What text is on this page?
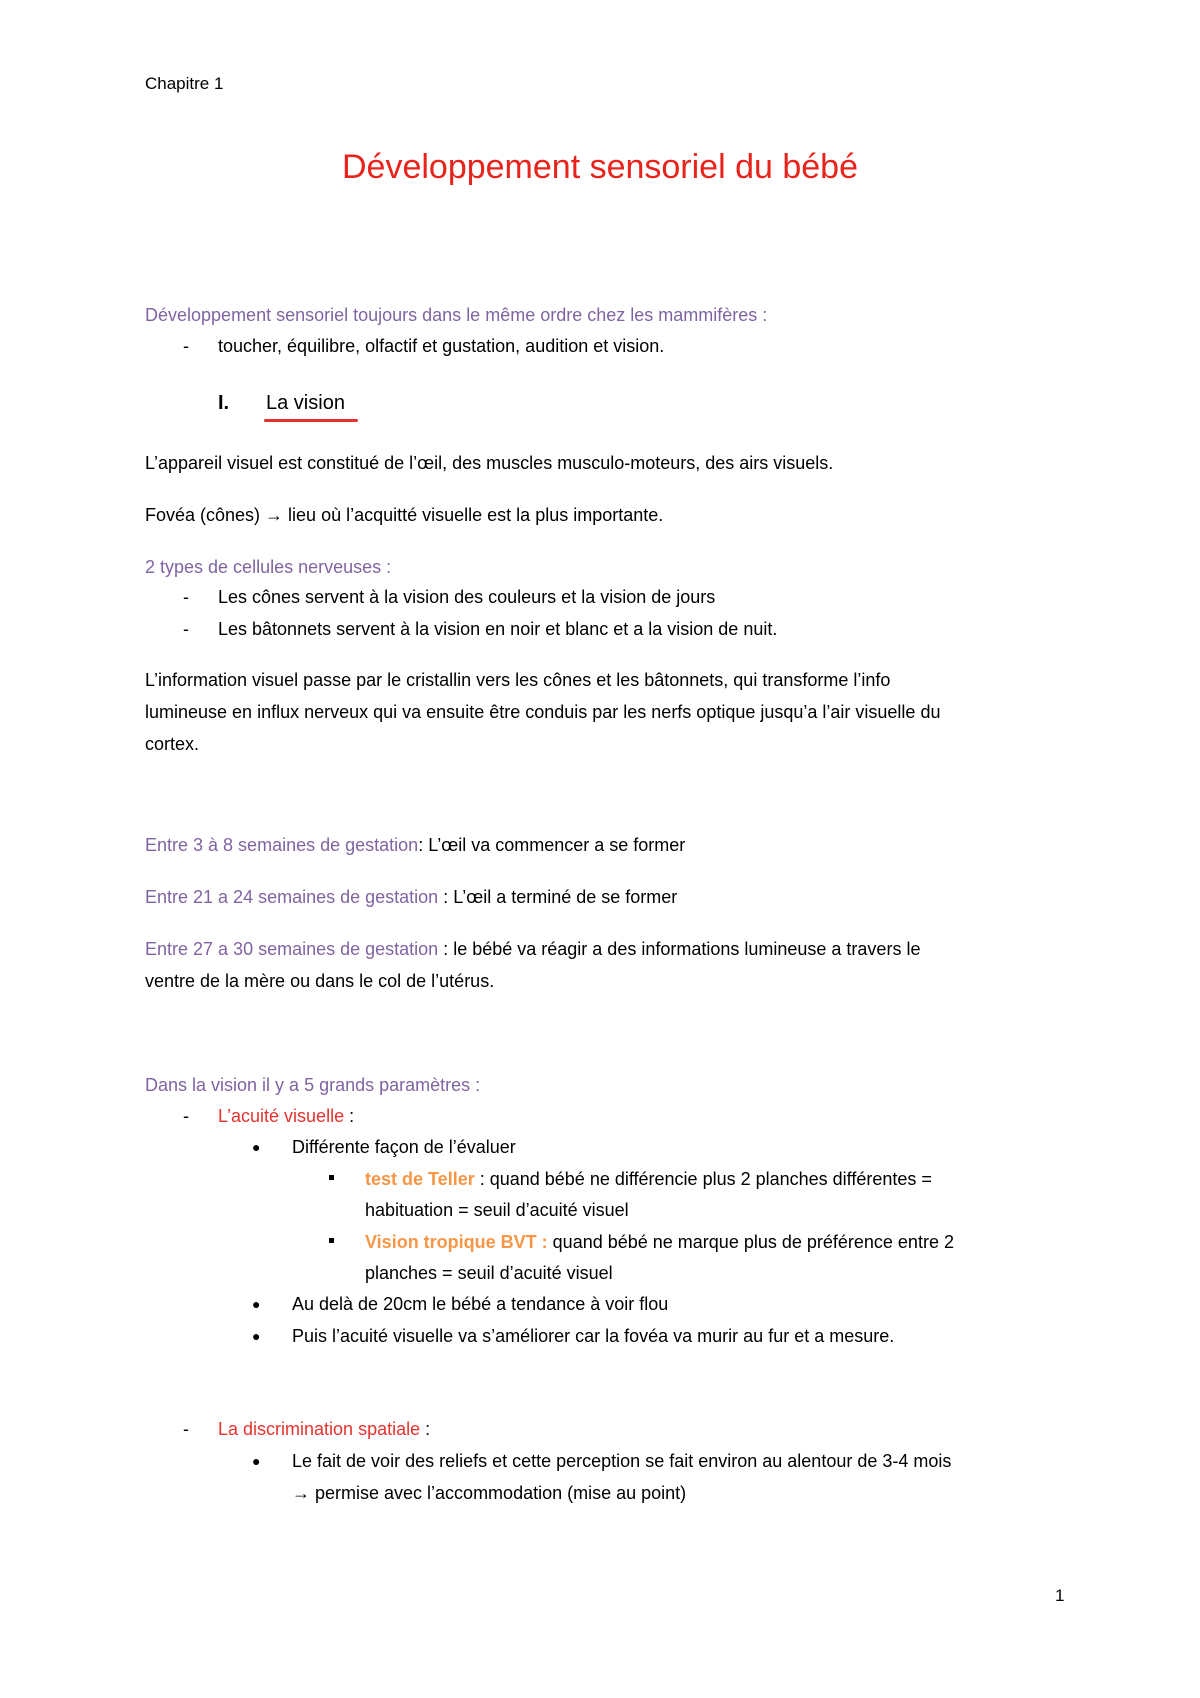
Chapitre 1
Développement sensoriel du bébé
Développement sensoriel toujours dans le même ordre chez les mammifères :
- toucher, équilibre, olfactif et gustation, audition et vision.
I. La vision
L’appareil visuel est constitué de l’œil, des muscles musculo-moteurs, des airs visuels.
Fovéa (cônes) → lieu où l’acquitté visuelle est la plus importante.
2 types de cellules nerveuses :
- Les cônes servent à la vision des couleurs et la vision de jours
- Les bâtonnets servent à la vision en noir et blanc et a la vision de nuit.
L’information visuel passe par le cristallin vers les cônes et les bâtonnets, qui transforme l’info
lumineuse en influx nerveux qui va ensuite être conduis par les nerfs optique jusqu’a l’air visuelle du
cortex.
Entre 3 à 8 semaines de gestation: L’œil va commencer a se former
Entre 21 a 24 semaines de gestation : L’œil a terminé de se former
Entre 27 a 30 semaines de gestation : le bébé va réagir a des informations lumineuse a travers le
ventre de la mère ou dans le col de l’utérus.
Dans la vision il y a 5 grands paramètres :
- L’acuité visuelle :
● Différente façon de l’évaluer
test de Teller : quand bébé ne différencie plus 2 planches différentes =
habituation = seuil d’acuité visuel
Vision tropique BVT : quand bébé ne marque plus de préférence entre 2
planches = seuil d’acuité visuel
● Au delà de 20cm le bébé a tendance à voir flou
● Puis l’acuité visuelle va s’améliorer car la fovéa va murir au fur et a mesure.
- La discrimination spatiale :
● Le fait de voir des reliefs et cette perception se fait environ au alentour de 3-4 mois
→ permise avec l’accommodation (mise au point)
1
